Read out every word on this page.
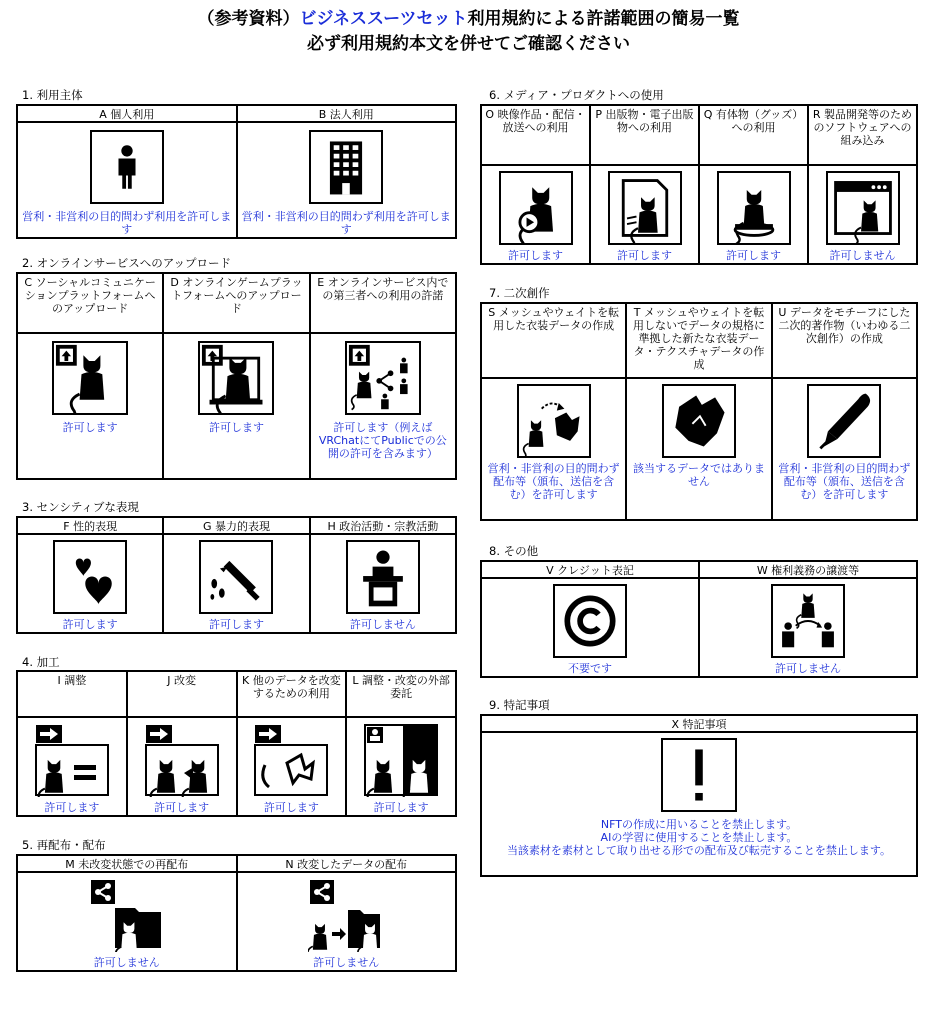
（参考資料）ビジネススーツセット利用規約による許諾範囲の簡易一覧
必ず利用規約本文を併せてご確認ください
1. 利用主体
A 個人利用	B 法人利用

営利・非営利の目的問わず利用を許可します	営利・非営利の目的問わず利用を許可します
2. オンラインサービスへのアップロード
C ソーシャルコミュニケーションプラットフォームへのアップロード	D オンラインゲームプラットフォームへのアップロード	E オンラインサービス内での第三者への利用の許諾

許可します	許可します	許可します（例えばVRChatにてPublicでの公開の許可を含みます）
3. センシティブな表現
F 性的表現	G 暴力的表現	H 政治活動・宗教活動

許可します	許可します	許可しません
4. 加工
I 調整	J 改変	K 他のデータを改変するための利用	L 調整・改変の外部委託

許可します	許可します	許可します	許可します
5. 再配布・配布
M 未改変状態での再配布	N 改変したデータの配布

許可しません	許可しません
6. メディア・プロダクトへの使用
O 映像作品・配信・放送への利用	P 出版物・電子出版物への利用	Q 有体物（グッズ）への利用	R 製品開発等のためのソフトウェアへの組み込み

許可します	許可します	許可します	許可しません
7. 二次創作
S メッシュやウェイトを転用した衣装データの作成	T メッシュやウェイトを転用しないでデータの規格に準拠した新たな衣装データ・テクスチャデータの作成	U データをモチーフにした二次的著作物（いわゆる二次創作）の作成

営利・非営利の目的問わず配布等（頒布、送信を含む）を許可します	該当するデータではありません	営利・非営利の目的問わず配布等（頒布、送信を含む）を許可します
8. その他
V クレジット表記	W 権利義務の譲渡等

不要です	許可しません
9. 特記事項
X 特記事項

NFTの作成に用いることを禁止します。
AIの学習に使用することを禁止します。
当該素材を素材として取り出せる形での配布及び転売することを禁止します。
